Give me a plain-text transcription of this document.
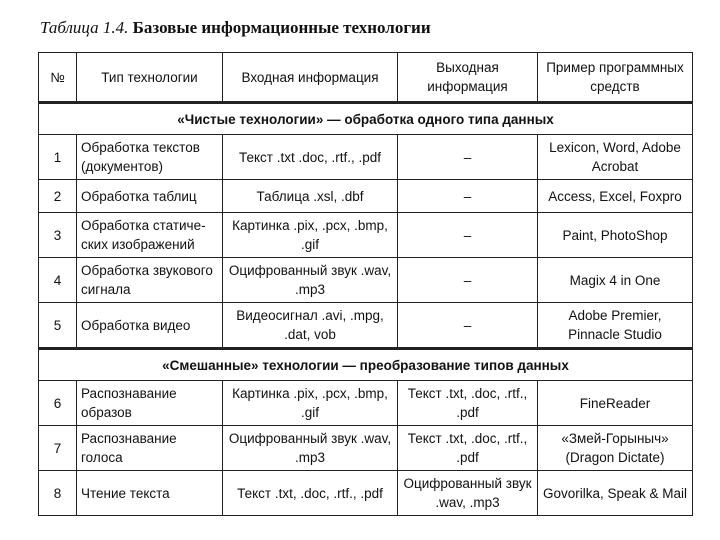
Таблица 1.4. Базовые информационные технологии
№	Тип технологии	Входная информация	Выходная информация	Пример программных средств
«Чистые технологии» — обработка одного типа данных				
1	Обработка текстов (документов)	Текст .txt .doc, .rtf., .pdf	–	Lexicon, Word, Adobe Acrobat
2	Обработка таблиц	Таблица .xsl, .dbf	–	Access, Excel, Foxpro
3	Обработка статиче-ских изображений	Картинка .pix, .pcx, .bmp, .gif	–	Paint, PhotoShop
4	Обработка звукового сигнала	Оцифрованный звук .wav, .mp3	–	Magix 4 in One
5	Обработка видео	Видеосигнал .avi, .mpg, .dat, vob	–	Adobe Premier, Pinnacle Studio
«Смешанные» технологии — преобразование типов данных				
6	Распознавание образов	Картинка .pix, .pcx, .bmp, .gif	Текст .txt, .doc, .rtf., .pdf	FineReader
7	Распознавание голоса	Оцифрованный звук .wav, .mp3	Текст .txt, .doc, .rtf., .pdf	«Змей-Горыныч» (Dragon Dictate)
8	Чтение текста	Текст .txt, .doc, .rtf., .pdf	Оцифрованный звук .wav, .mp3	Govorilka, Speak & Mail
